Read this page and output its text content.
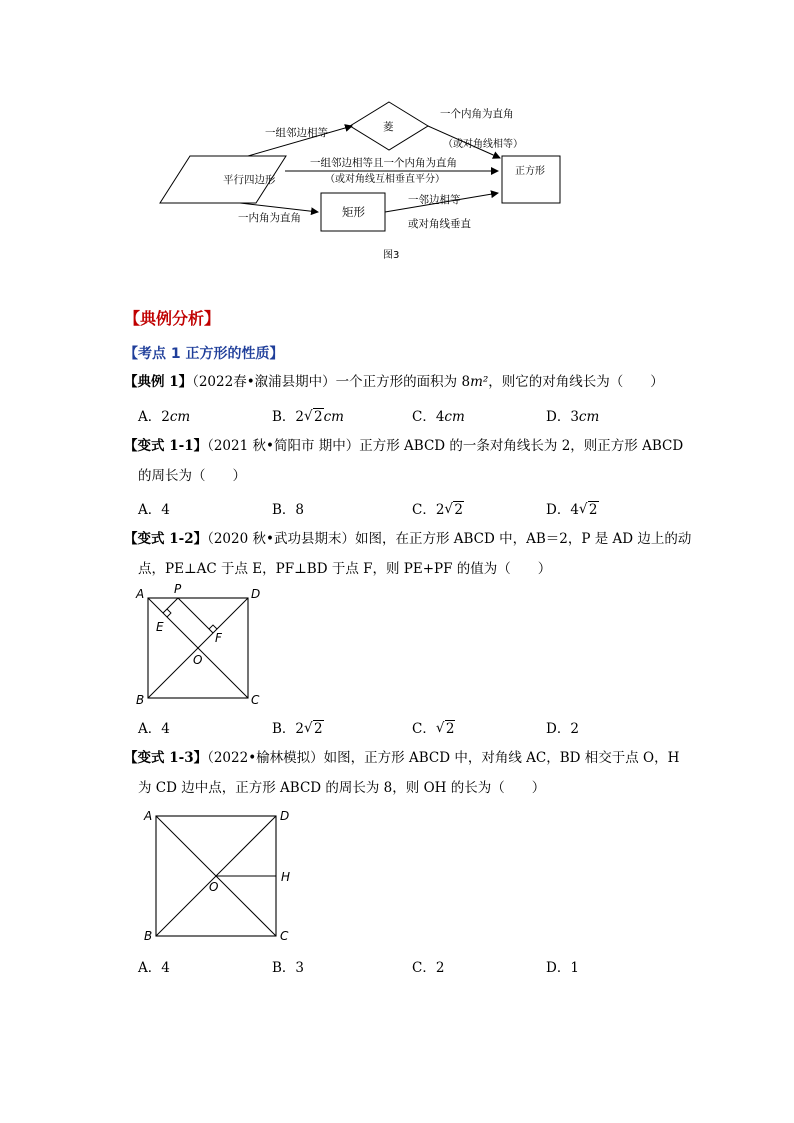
平行四边形
菱
矩形
正方形
一组邻边相等
一个内角为直角
（或对角线相等）
一组邻边相等且一个内角为直角
（或对角线互相垂直平分）
一内角为直角
一邻边相等
或对角线垂直
图3
【典例分析】
【考点 1 正方形的性质】
【典例 1】（2022春•溆浦县期中）一个正方形的面积为 8m²，则它的对角线长为（　　）
A．2cm	B．2 √ 2cm	C．4cm	D．3cm
【变式 1-1】（2021 秋•简阳市 期中）正方形 ABCD 的一条对角线长为 2，则正方形 ABCD
的周长为（　　）
A．4	B．8	C．2 √ 2	D．4 √ 2
【变式 1-2】（2020 秋•武功县期末）如图，在正方形 ABCD 中，AB＝2，P 是 AD 边上的动
点，PE⊥AC 于点 E，PF⊥BD 于点 F，则 PE+PF 的值为（　　）
A P	D
E
F
O
B	C
A．4	B．2 √ 2	C． √ 2	D．2
【变式 1-3】（2022•榆林模拟）如图，正方形 ABCD 中，对角线 AC，BD 相交于点 O，H
为 CD 边中点，正方形 ABCD 的周长为 8，则 OH 的长为（　　）
A	D
H
O
B	C
A．4	B．3	C．2	D．1
